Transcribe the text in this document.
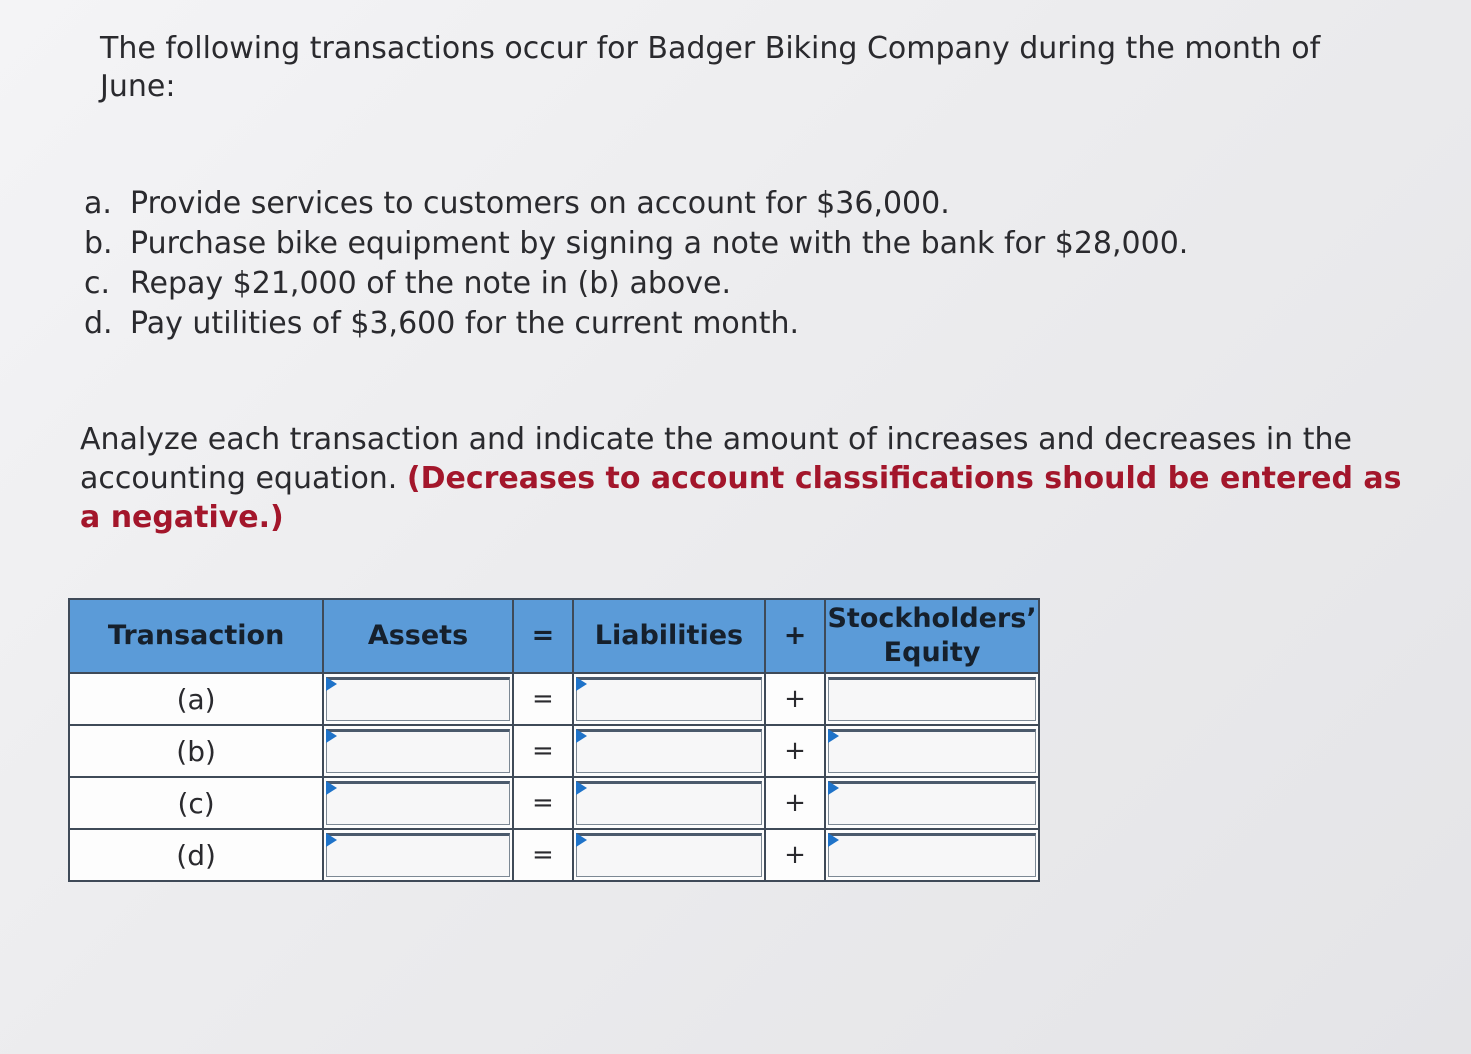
The following transactions occur for Badger Biking Company during the month of June:

a. Provide services to customers on account for $36,000.
b. Purchase bike equipment by signing a note with the bank for $28,000.
c. Repay $21,000 of the note in (b) above.
d. Pay utilities of $3,600 for the current month.

Analyze each transaction and indicate the amount of increases and decreases in the accounting equation. (Decreases to account classifications should be entered as a negative.)

Transaction	Assets	=	Liabilities	+	Stockholders’ Equity
(a)		=		+	

(b)		=		+	

(c)		=		+	

(d)		=		+	
